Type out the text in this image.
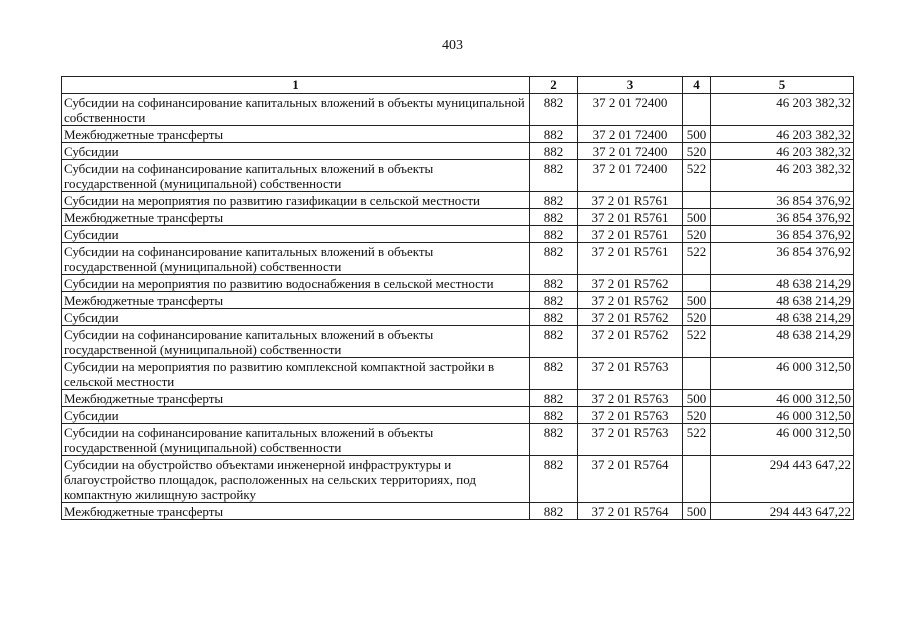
403
1	2	3	4	5
Субсидии на софинансирование капитальных вложений в объекты муниципальной собственности	882	37 2 01 72400		46 203 382,32
Межбюджетные трансферты	882	37 2 01 72400	500	46 203 382,32
Субсидии	882	37 2 01 72400	520	46 203 382,32
Субсидии на софинансирование капитальных вложений в объекты государственной (муниципальной) собственности	882	37 2 01 72400	522	46 203 382,32
Субсидии на мероприятия по развитию газификации в сельской местности	882	37 2 01 R5761		36 854 376,92
Межбюджетные трансферты	882	37 2 01 R5761	500	36 854 376,92
Субсидии	882	37 2 01 R5761	520	36 854 376,92
Субсидии на софинансирование капитальных вложений в объекты государственной (муниципальной) собственности	882	37 2 01 R5761	522	36 854 376,92
Субсидии на мероприятия по развитию водоснабжения в сельской местности	882	37 2 01 R5762		48 638 214,29
Межбюджетные трансферты	882	37 2 01 R5762	500	48 638 214,29
Субсидии	882	37 2 01 R5762	520	48 638 214,29
Субсидии на софинансирование капитальных вложений в объекты государственной (муниципальной) собственности	882	37 2 01 R5762	522	48 638 214,29
Субсидии на мероприятия по развитию комплексной компактной застройки в сельской местности	882	37 2 01 R5763		46 000 312,50
Межбюджетные трансферты	882	37 2 01 R5763	500	46 000 312,50
Субсидии	882	37 2 01 R5763	520	46 000 312,50
Субсидии на софинансирование капитальных вложений в объекты государственной (муниципальной) собственности	882	37 2 01 R5763	522	46 000 312,50
Субсидии на обустройство объектами инженерной инфраструктуры и благоустройство площадок, расположенных на сельских территориях, под компактную жилищную застройку	882	37 2 01 R5764		294 443 647,22
Межбюджетные трансферты	882	37 2 01 R5764	500	294 443 647,22
